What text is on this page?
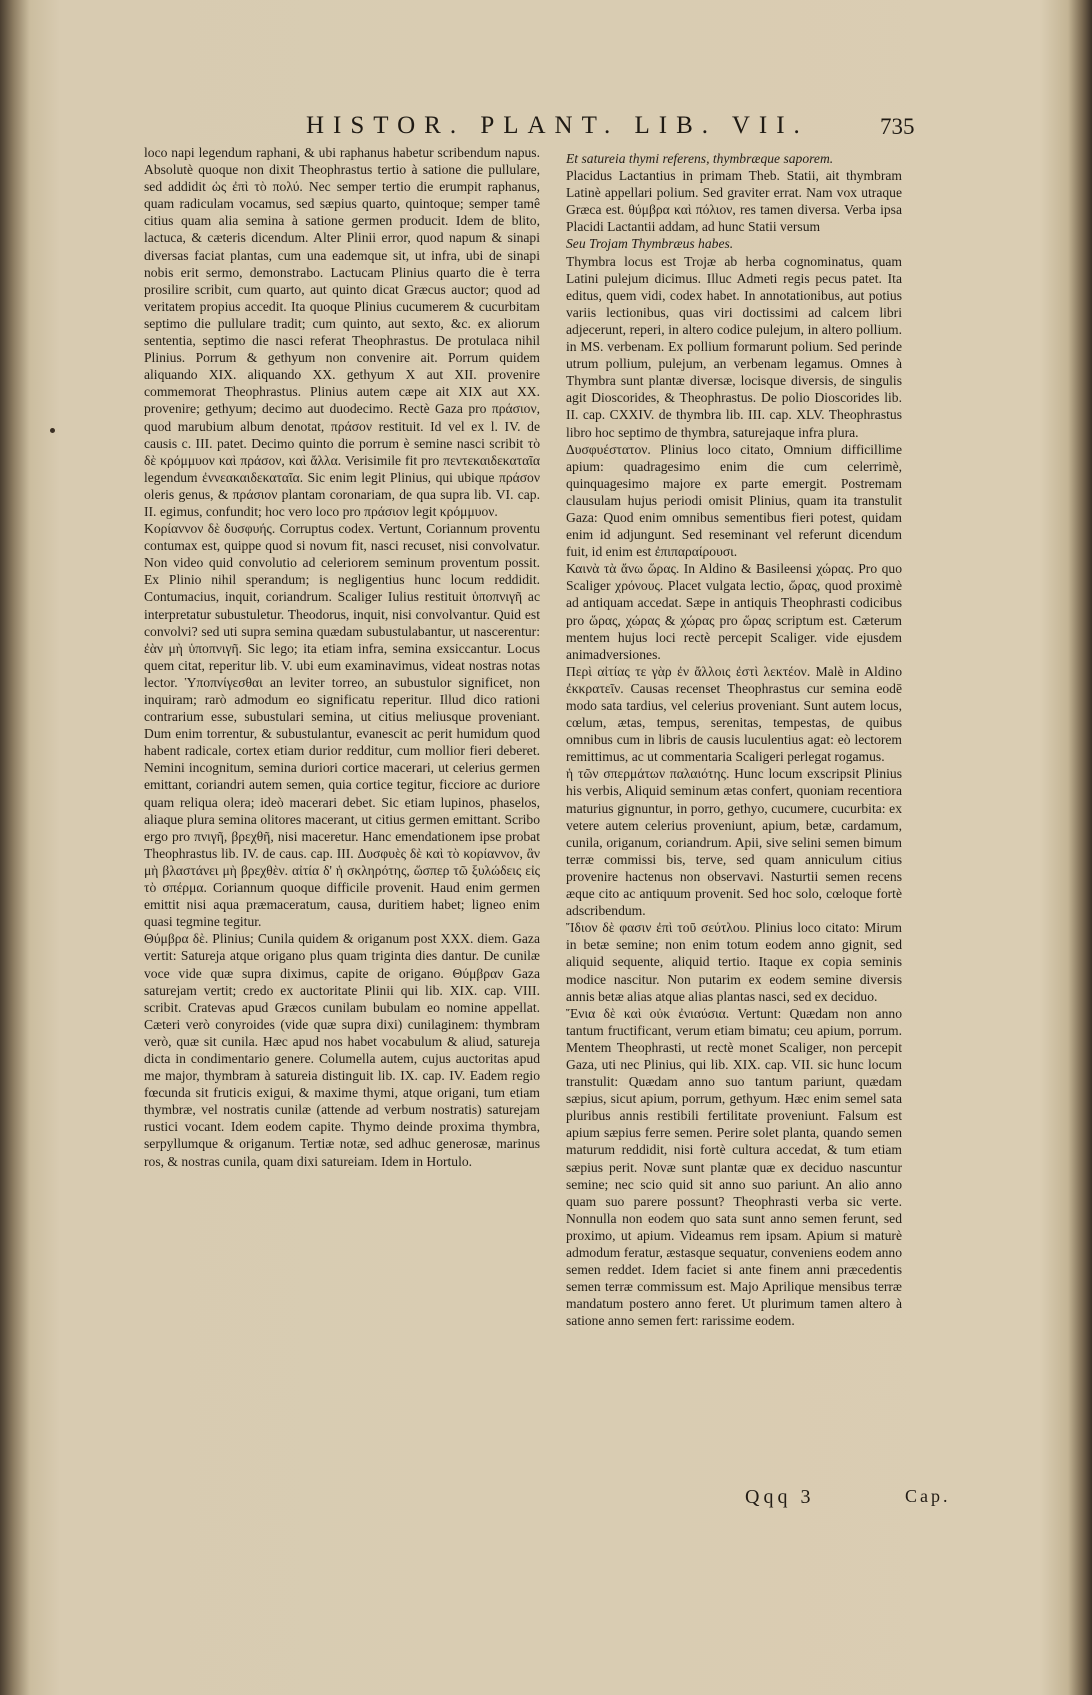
HISTOR. PLANT. LIB. VII.	735

loco napi legendum raphani, & ubi raphanus habetur scribendum napus. Absolutè quoque non dixit Theophrastus tertio à satione die pullulare, sed addidit ὡς ἐπὶ τὸ πολύ. Nec semper tertio die erumpit raphanus, quam radiculam vocamus, sed sæpius quarto, quintoque; semper tamê citius quam alia semina à satione germen producit. Idem de blito, lactuca, & cæteris dicendum. Alter Plinii error, quod napum & sinapi diversas faciat plantas, cum una eademque sit, ut infra, ubi de sinapi nobis erit sermo, demonstrabo. Lactucam Plinius quarto die è terra prosilire scribit, cum quarto, aut quinto dicat Græcus auctor; quod ad veritatem propius accedit. Ita quoque Plinius cucumerem & cucurbitam septimo die pullulare tradit; cum quinto, aut sexto, &c. ex aliorum sententia, septimo die nasci referat Theophrastus. De protulaca nihil Plinius. Porrum & gethyum non convenire ait. Porrum quidem aliquando XIX. aliquando XX. gethyum X aut XII. provenire commemorat Theophrastus. Plinius autem cæpe ait XIX aut XX. provenire; gethyum; decimo aut duodecimo. Rectè Gaza pro πράσιον, quod marubium album denotat, πράσον restituit. Id vel ex l. IV. de causis c. III. patet. Decimo quinto die porrum è semine nasci scribit τὸ δὲ κρόμμυον καὶ πράσον, καὶ ἄλλα. Verisimile fit pro πεντεκαιδεκαταῖα legendum ἐννεακαιδεκαταῖα. Sic enim legit Plinius, qui ubique πράσον oleris genus, & πράσιον plantam coronariam, de qua supra lib. VI. cap. II. egimus, confundit; hoc vero loco pro πράσιον legit κρόμμυον.

Κορίαννον δὲ δυσφυής. Corruptus codex. Vertunt, Coriannum proventu contumax est, quippe quod si novum fit, nasci recuset, nisi convolvatur. Non video quid convolutio ad celeriorem seminum proventum possit. Ex Plinio nihil sperandum; is negligentius hunc locum reddidit. Contumacius, inquit, coriandrum. Scaliger Iulius restituit ὑποπνιγῆ ac interpretatur subustuletur. Theodorus, inquit, nisi convolvantur. Quid est convolvi? sed uti supra semina quædam subustulabantur, ut nascerentur: ἐὰν μὴ ὑποπνιγῆ. Sic lego; ita etiam infra, semina exsiccantur. Locus quem citat, reperitur lib. V. ubi eum examinavimus, videat nostras notas lector. Ὑποπνίγεσθαι an leviter torreo, an subustulor significet, non inquiram; rarò admodum eo significatu reperitur. Illud dico rationi contrarium esse, subustulari semina, ut citius meliusque proveniant. Dum enim torrentur, & subustulantur, evanescit ac perit humidum quod habent radicale, cortex etiam durior redditur, cum mollior fieri deberet. Nemini incognitum, semina duriori cortice macerari, ut celerius germen emittant, coriandri autem semen, quia cortice tegitur, ficciore ac duriore quam reliqua olera; ideò macerari debet. Sic etiam lupinos, phaselos, aliaque plura semina olitores macerant, ut citius germen emittant. Scribo ergo pro πνιγῆ, βρεχθῆ, nisi maceretur. Hanc emendationem ipse probat Theophrastus lib. IV. de caus. cap. III. Δυσφυὲς δὲ καὶ τὸ κορίαννον, ἂν μὴ βλαστάνει μὴ βρεχθὲν. αἰτία δ' ἡ σκληρότης, ὥσπερ τῶ ξυλώδεις εἰς τὸ σπέρμα. Coriannum quoque difficile provenit. Haud enim germen emittit nisi aqua præmaceratum, causa, duritiem habet; ligneo enim quasi tegmine tegitur.

Θύμβρα δὲ. Plinius; Cunila quidem & origanum post XXX. diem. Gaza vertit: Satureja atque origano plus quam triginta dies dantur. De cunilæ voce vide quæ supra diximus, capite de origano. Θύμβραν Gaza saturejam vertit; credo ex auctoritate Plinii qui lib. XIX. cap. VIII. scribit. Cratevas apud Græcos cunilam bubulam eo nomine appellat. Cæteri verò conyroides (vide quæ supra dixi) cunilaginem: thymbram verò, quæ sit cunila. Hæc apud nos habet vocabulum & aliud, satureja dicta in condimentario genere. Columella autem, cujus auctoritas apud me major, thymbram à satureia distinguit lib. IX. cap. IV. Eadem regio fœcunda sit fruticis exigui, & maxime thymi, atque origani, tum etiam thymbræ, vel nostratis cunilæ (attende ad verbum nostratis) saturejam rustici vocant. Idem eodem capite. Thymo deinde proxima thymbra, serpyllumque & origanum. Tertiæ notæ, sed adhuc generosæ, marinus ros, & nostras cunila, quam dixi satureiam. Idem in Hortulo.

Et satureia thymi referens, thymbræque saporem.

Placidus Lactantius in primam Theb. Statii, ait thymbram Latinè appellari polium. Sed graviter errat. Nam vox utraque Græca est. θύμβρα καὶ πόλιον, res tamen diversa. Verba ipsa Placidi Lactantii addam, ad hunc Statii versum

Seu Trojam Thymbræus habes.

Thymbra locus est Trojæ ab herba cognominatus, quam Latini pulejum dicimus. Illuc Admeti regis pecus patet. Ita editus, quem vidi, codex habet. In annotationibus, aut potius variis lectionibus, quas viri doctissimi ad calcem libri adjecerunt, reperi, in altero codice pulejum, in altero pollium. in MS. verbenam. Ex pollium formarunt polium. Sed perinde utrum pollium, pulejum, an verbenam legamus. Omnes à Thymbra sunt plantæ diversæ, locisque diversis, de singulis agit Dioscorides, & Theophrastus. De polio Dioscorides lib. II. cap. CXXIV. de thymbra lib. III. cap. XLV. Theophrastus libro hoc septimo de thymbra, saturejaque infra plura.

Δυσφυέστατον. Plinius loco citato, Omnium difficillime apium: quadragesimo enim die cum celerrimè, quinquagesimo majore ex parte emergit. Postremam clausulam hujus periodi omisit Plinius, quam ita transtulit Gaza: Quod enim omnibus sementibus fieri potest, quidam enim id adjungunt. Sed reseminant vel referunt dicendum fuit, id enim est ἐπιπαραίρουσι.

Καινὰ τὰ ἄνω ὥρας. In Aldino & Basileensi χώρας. Pro quo Scaliger χρόνους. Placet vulgata lectio, ὥρας, quod proximè ad antiquam accedat. Sæpe in antiquis Theophrasti codicibus pro ὥρας, χώρας & χώρας pro ὥρας scriptum est. Cæterum mentem hujus loci rectè percepit Scaliger. vide ejusdem animadversiones.

Περὶ αἰτίας τε γὰρ ἐν ἄλλοις ἐστὶ λεκτέον. Malè in Aldino ἐκκρατεῖν. Causas recenset Theophrastus cur semina eodē modo sata tardius, vel celerius proveniant. Sunt autem locus, cœlum, ætas, tempus, serenitas, tempestas, de quibus omnibus cum in libris de causis luculentius agat: eò lectorem remittimus, ac ut commentaria Scaligeri perlegat rogamus.

ἡ τῶν σπερμάτων παλαιότης. Hunc locum exscripsit Plinius his verbis, Aliquid seminum ætas confert, quoniam recentiora maturius gignuntur, in porro, gethyo, cucumere, cucurbita: ex vetere autem celerius proveniunt, apium, betæ, cardamum, cunila, origanum, coriandrum. Apii, sive selini semen bimum terræ commissi bis, terve, sed quam anniculum citius provenire hactenus non observavi. Nasturtii semen recens æque cito ac antiquum provenit. Sed hoc solo, cœloque fortè adscribendum.

Ἴδιον δὲ φασιν ἐπὶ τοῦ σεύτλου. Plinius loco citato: Mirum in betæ semine; non enim totum eodem anno gignit, sed aliquid sequente, aliquid tertio. Itaque ex copia seminis modice nascitur. Non putarim ex eodem semine diversis annis betæ alias atque alias plantas nasci, sed ex deciduo.

Ἔνια δὲ καὶ οὐκ ἐνιαύσια. Vertunt: Quædam non anno tantum fructificant, verum etiam bimatu; ceu apium, porrum. Mentem Theophrasti, ut rectè monet Scaliger, non percepit Gaza, uti nec Plinius, qui lib. XIX. cap. VII. sic hunc locum transtulit: Quædam anno suo tantum pariunt, quædam sæpius, sicut apium, porrum, gethyum. Hæc enim semel sata pluribus annis restibili fertilitate proveniunt. Falsum est apium sæpius ferre semen. Perire solet planta, quando semen maturum reddidit, nisi fortè cultura accedat, & tum etiam sæpius perit. Novæ sunt plantæ quæ ex deciduo nascuntur semine; nec scio quid sit anno suo pariunt. An alio anno quam suo parere possunt? Theophrasti verba sic verte. Nonnulla non eodem quo sata sunt anno semen ferunt, sed proximo, ut apium. Videamus rem ipsam. Apium si maturè admodum feratur, æstasque sequatur, conveniens eodem anno semen reddet. Idem faciet si ante finem anni præcedentis semen terræ commissum est. Majo Aprilique mensibus terræ mandatum postero anno feret. Ut plurimum tamen altero à satione anno semen fert: rarissime eodem.

Qqq 3	Cap.
